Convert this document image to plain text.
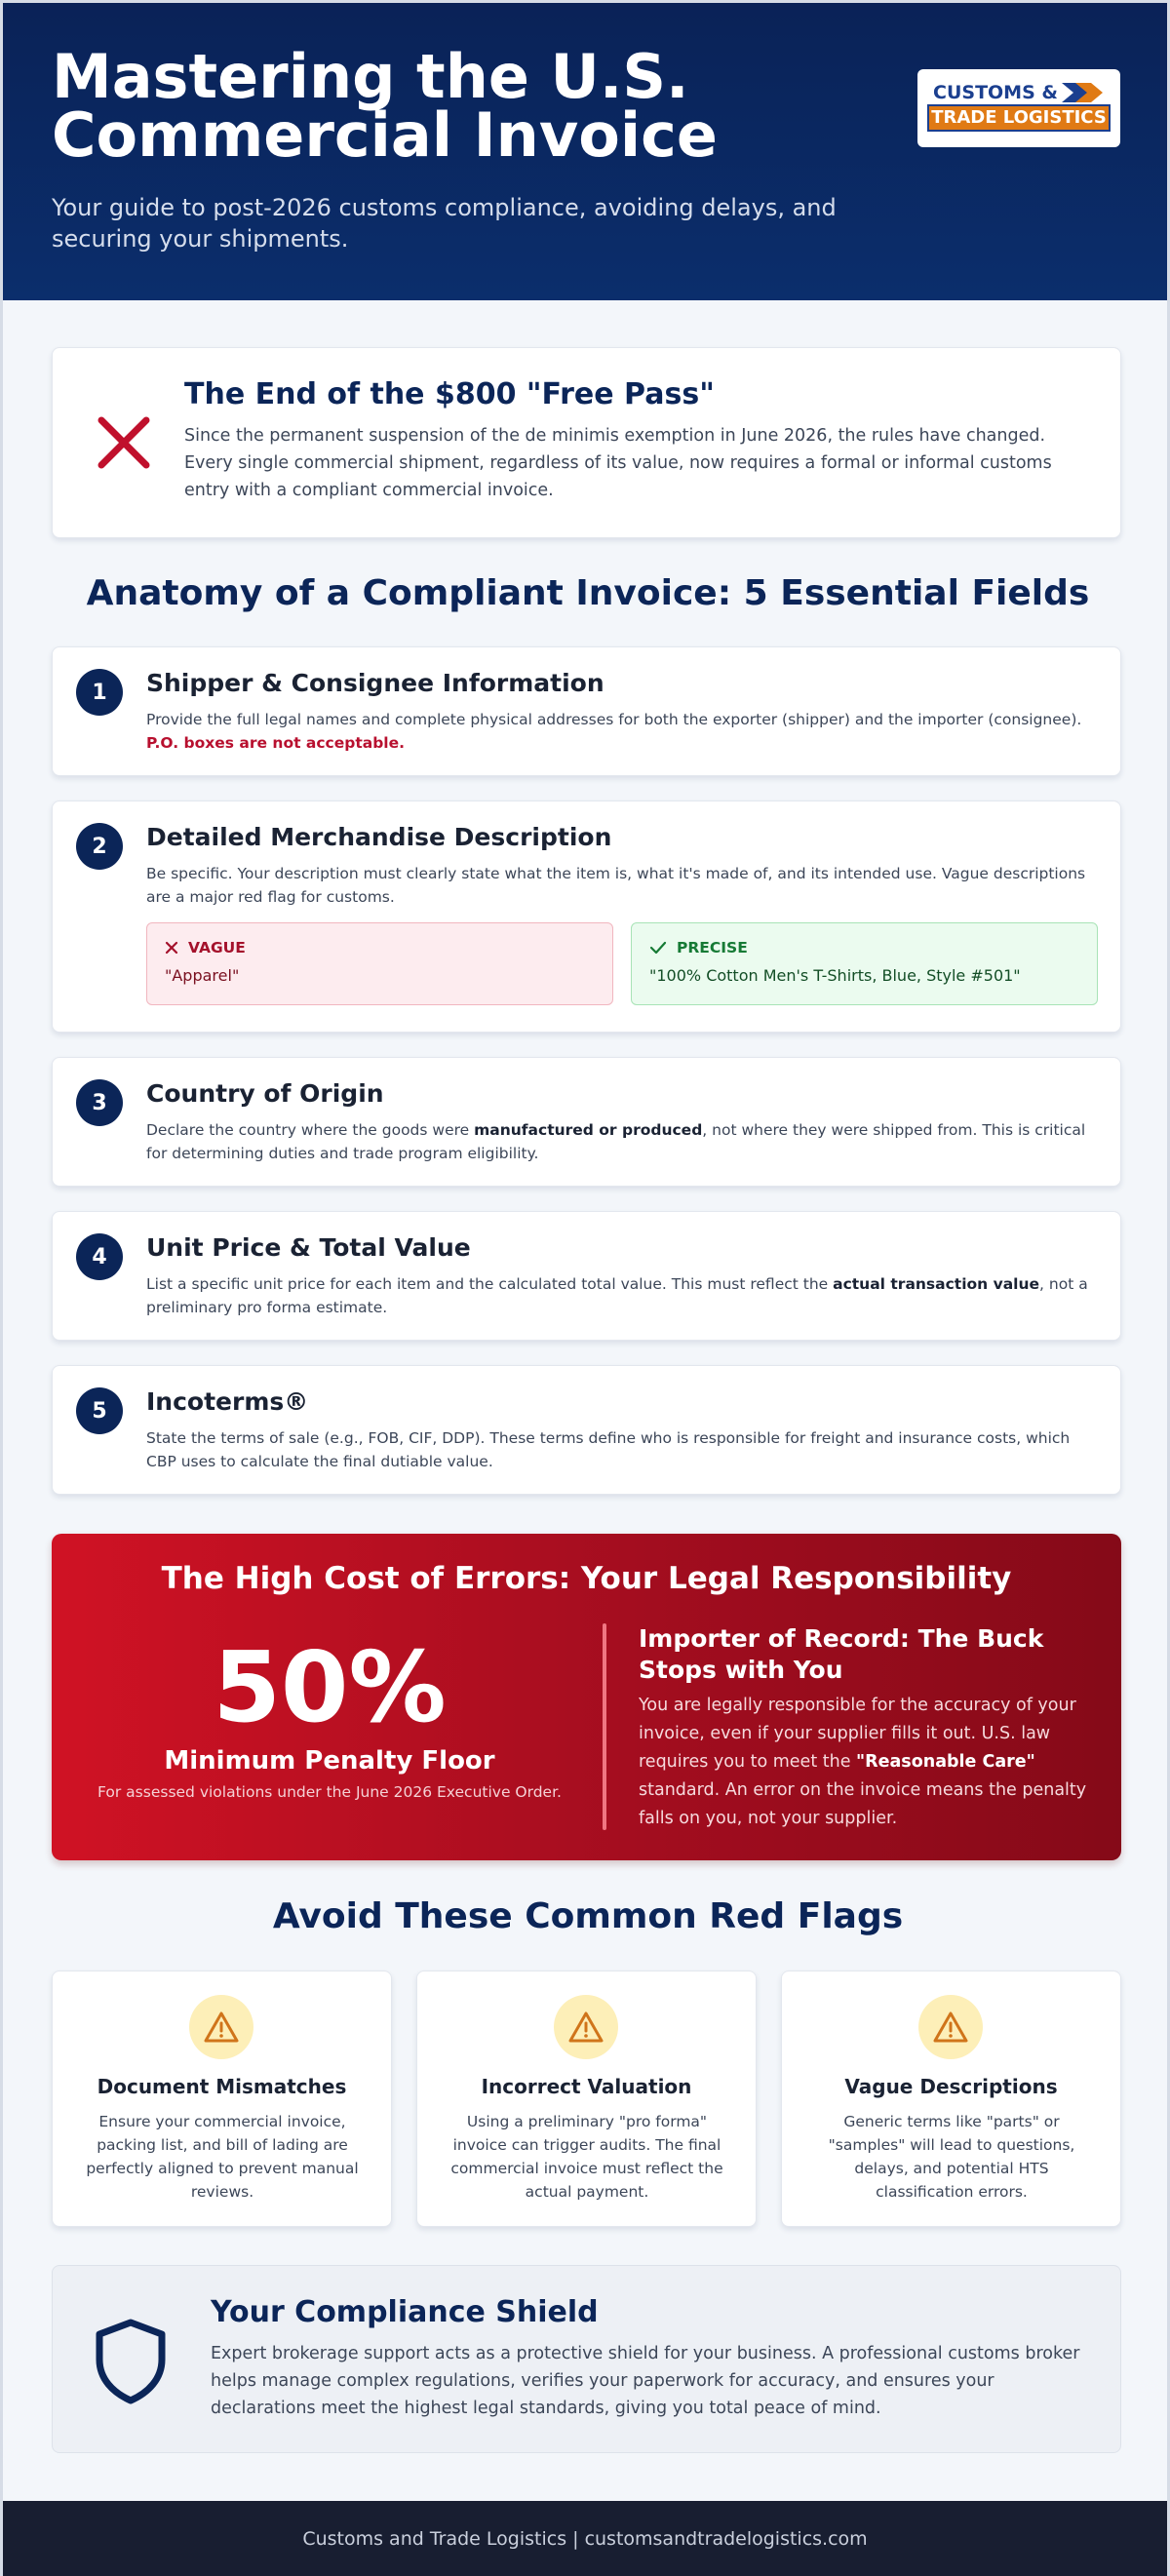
Mastering the U.S. Commercial Invoice
Your guide to post-2026 customs compliance, avoiding delays, and securing your shipments.
CUSTOMS &
TRADE LOGISTICS
The End of the $800 "Free Pass"

Since the permanent suspension of the de minimis exemption in June 2026, the rules have changed. Every single commercial shipment, regardless of its value, now requires a formal or informal customs entry with a compliant commercial invoice.

Anatomy of a Compliant Invoice: 5 Essential Fields
1	Shipper & Consignee Information

Provide the full legal names and complete physical addresses for both the exporter (shipper) and the importer (consignee). P.O. boxes are not acceptable.

2	Detailed Merchandise Description

Be specific. Your description must clearly state what the item is, what it's made of, and its intended use. Vague descriptions are a major red flag for customs.

VAGUE
"Apparel"
PRECISE
"100% Cotton Men's T-Shirts, Blue, Style #501"
3	Country of Origin

Declare the country where the goods were manufactured or produced, not where they were shipped from. This is critical for determining duties and trade program eligibility.

4	Unit Price & Total Value

List a specific unit price for each item and the calculated total value. This must reflect the actual transaction value, not a preliminary pro forma estimate.

5	Incoterms®

State the terms of sale (e.g., FOB, CIF, DDP). These terms define who is responsible for freight and insurance costs, which CBP uses to calculate the final dutiable value.

The High Cost of Errors: Your Legal Responsibility
50%
Minimum Penalty Floor
For assessed violations under the June 2026 Executive Order.
Importer of Record: The Buck Stops with You

You are legally responsible for the accuracy of your invoice, even if your supplier fills it out. U.S. law requires you to meet the "Reasonable Care" standard. An error on the invoice means the penalty falls on you, not your supplier.

Avoid These Common Red Flags
Document Mismatches

Ensure your commercial invoice, packing list, and bill of lading are perfectly aligned to prevent manual reviews.

Incorrect Valuation

Using a preliminary "pro forma" invoice can trigger audits. The final commercial invoice must reflect the actual payment.

Vague Descriptions

Generic terms like "parts" or "samples" will lead to questions, delays, and potential HTS classification errors.

Your Compliance Shield

Expert brokerage support acts as a protective shield for your business. A professional customs broker helps manage complex regulations, verifies your paperwork for accuracy, and ensures your declarations meet the highest legal standards, giving you total peace of mind.

Customs and Trade Logistics | customsandtradelogistics.com
